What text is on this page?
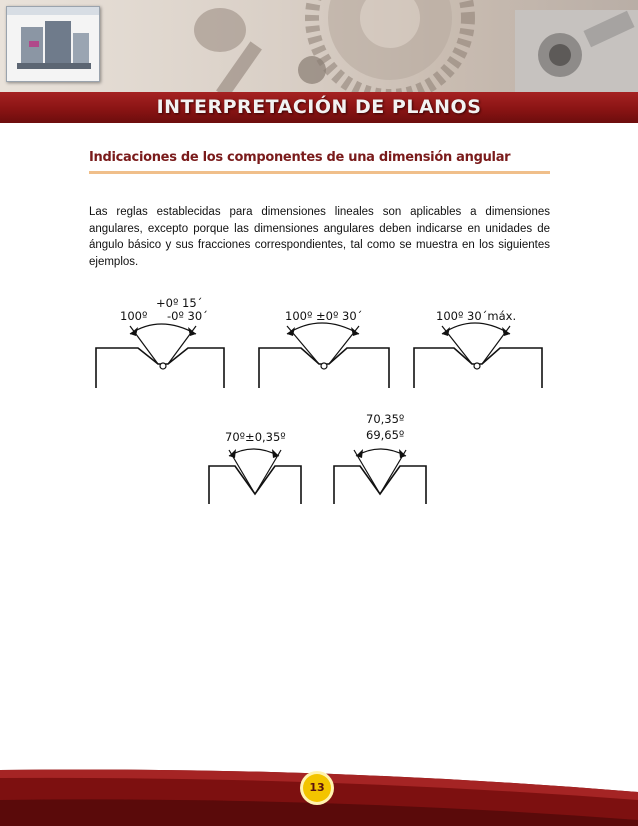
INTERPRETACIÓN DE PLANOS
Indicaciones de los componentes de una dimensión angular

Las reglas establecidas para dimensiones lineales son aplicables a dimensiones angulares, excepto porque las dimensiones angulares deben indicarse en unidades de ángulo básico y sus fracciones correspondientes, tal como se muestra en los siguientes ejemplos.

+0º 15´
100º -0º 30´	100º ±0º 30´	100º 30´máx.
70º±0,35º
70,35º
69,65º
13
